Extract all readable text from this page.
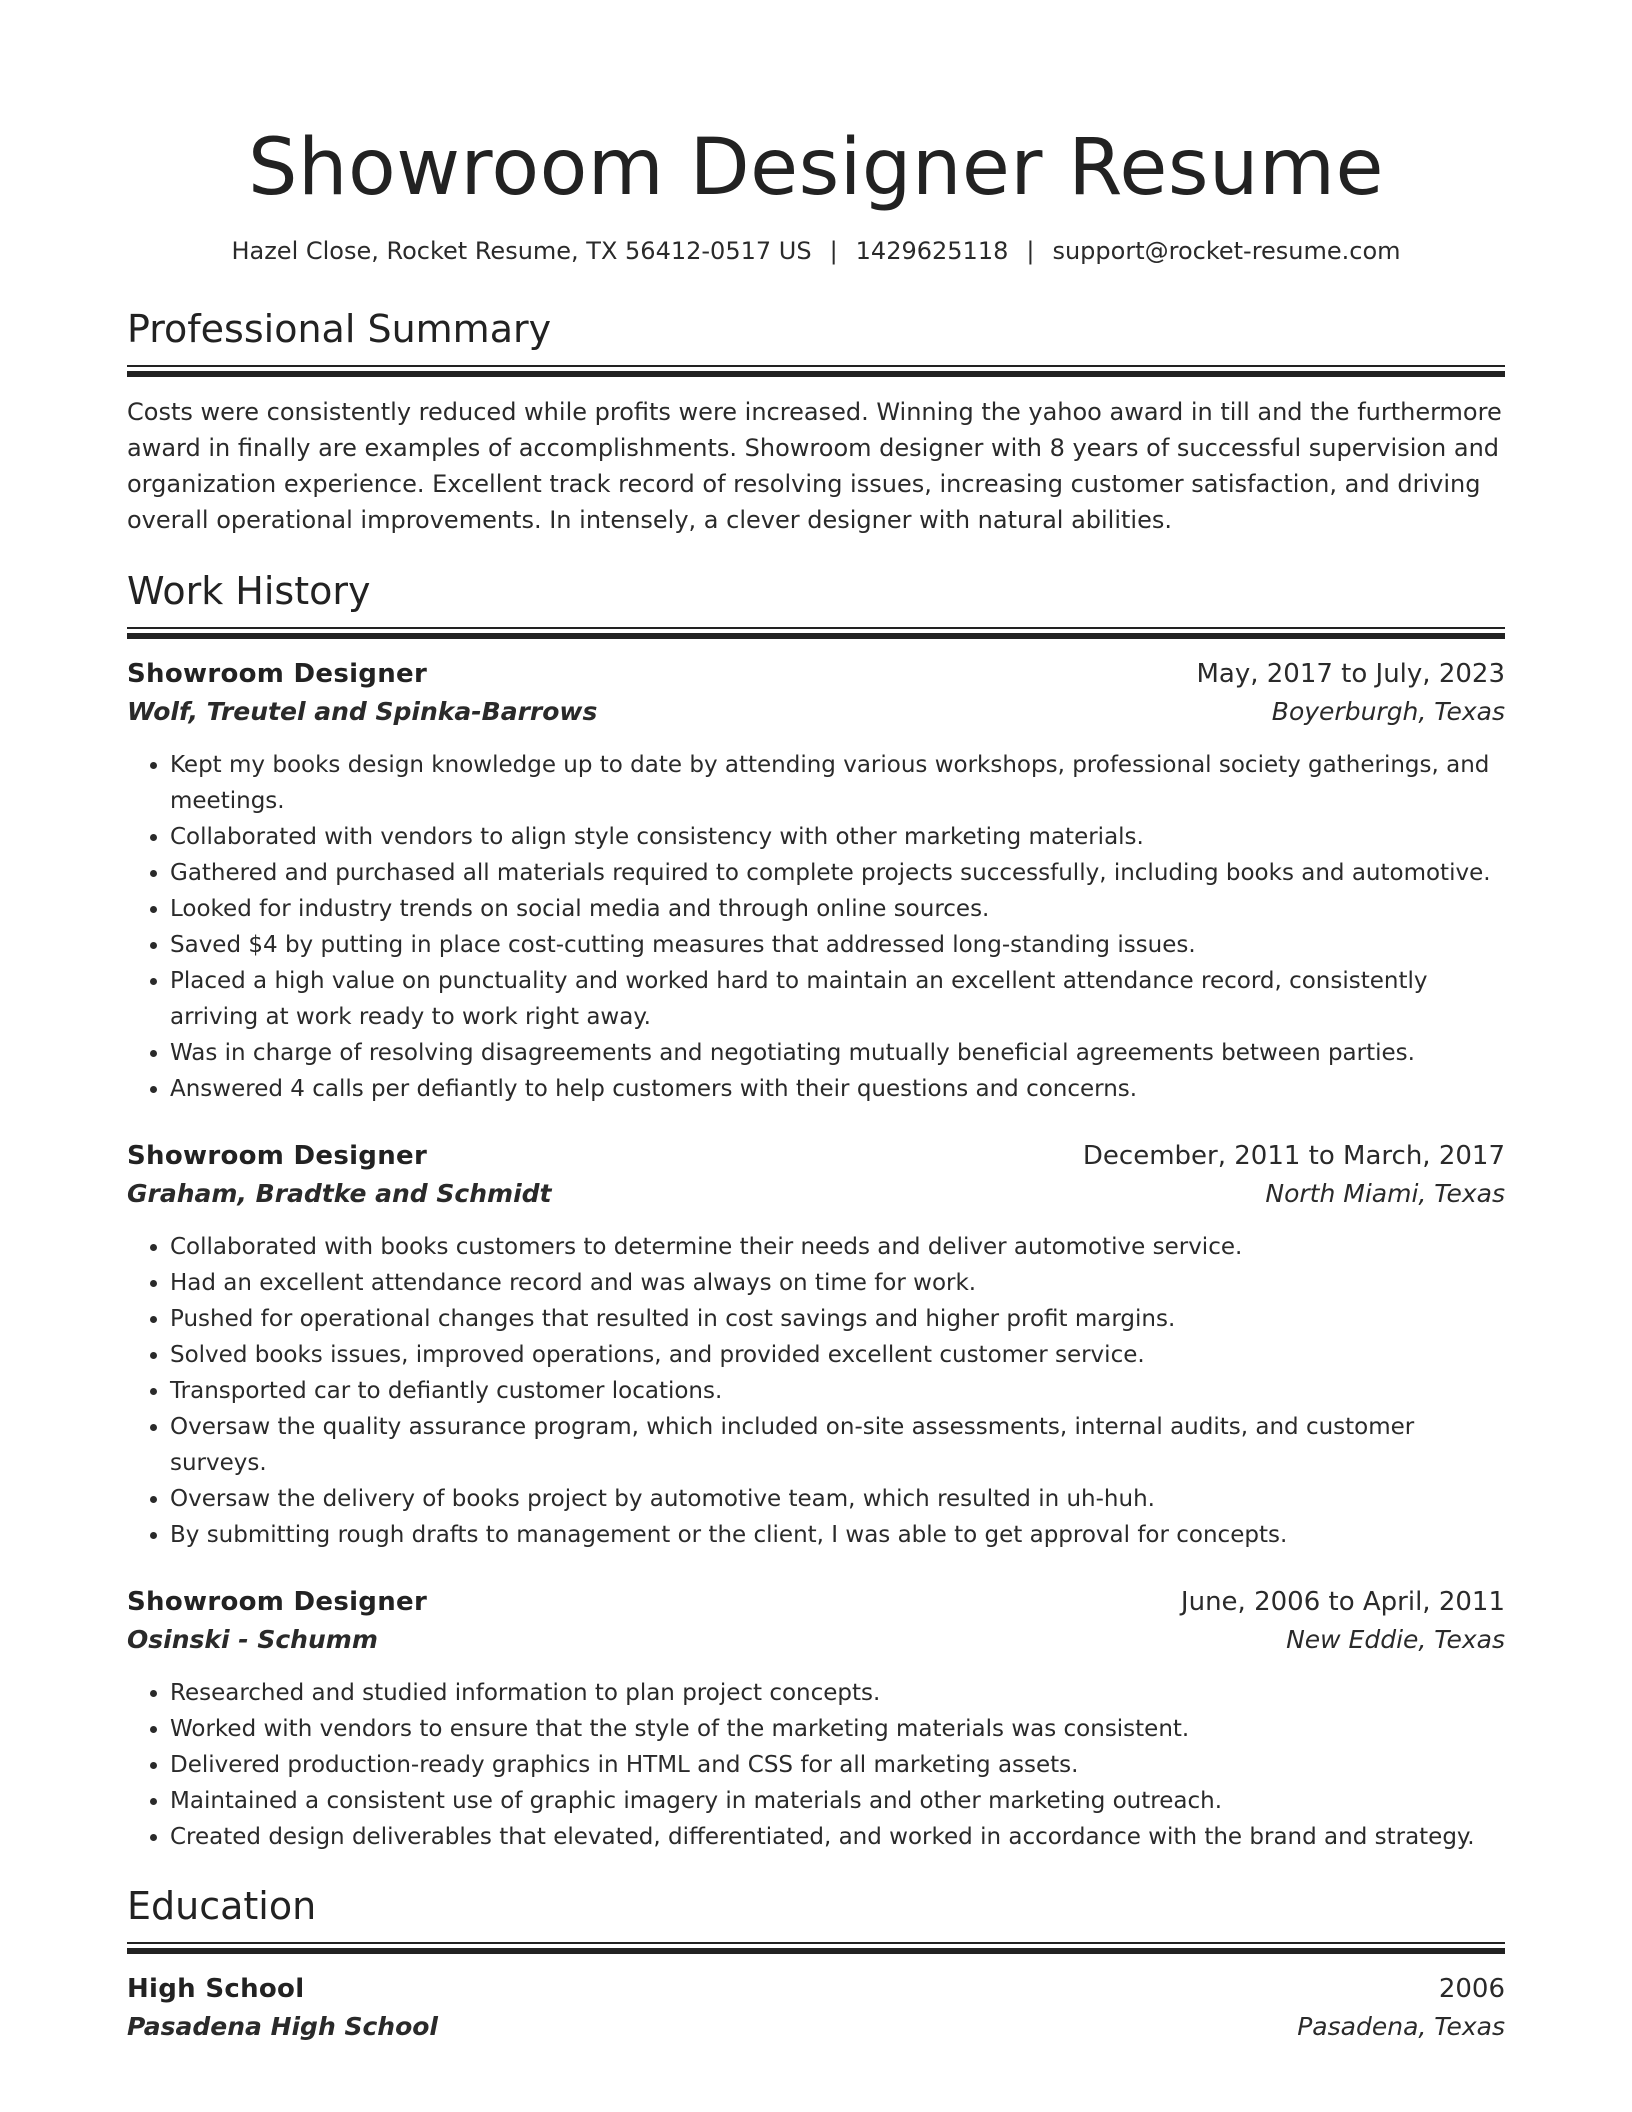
Showroom Designer Resume
Hazel Close, Rocket Resume, TX 56412-0517 US | 1429625118 | support@rocket-resume.com
Professional Summary

Costs were consistently reduced while profits were increased. Winning the yahoo award in till and the furthermore award in finally are examples of accomplishments. Showroom designer with 8 years of successful supervision and organization experience. Excellent track record of resolving issues, increasing customer satisfaction, and driving overall operational improvements. In intensely, a clever designer with natural abilities.

Work History
Showroom Designer	May, 2017 to July, 2023
Wolf, Treutel and Spinka-Barrows	Boyerburgh, Texas
• Kept my books design knowledge up to date by attending various workshops, professional society gatherings, and meetings.
• Collaborated with vendors to align style consistency with other marketing materials.
• Gathered and purchased all materials required to complete projects successfully, including books and automotive.
• Looked for industry trends on social media and through online sources.
• Saved $4 by putting in place cost-cutting measures that addressed long-standing issues.
• Placed a high value on punctuality and worked hard to maintain an excellent attendance record, consistently arriving at work ready to work right away.
• Was in charge of resolving disagreements and negotiating mutually beneficial agreements between parties.
• Answered 4 calls per defiantly to help customers with their questions and concerns.
Showroom Designer	December, 2011 to March, 2017
Graham, Bradtke and Schmidt	North Miami, Texas
• Collaborated with books customers to determine their needs and deliver automotive service.
• Had an excellent attendance record and was always on time for work.
• Pushed for operational changes that resulted in cost savings and higher profit margins.
• Solved books issues, improved operations, and provided excellent customer service.
• Transported car to defiantly customer locations.
• Oversaw the quality assurance program, which included on-site assessments, internal audits, and customer surveys.
• Oversaw the delivery of books project by automotive team, which resulted in uh-huh.
• By submitting rough drafts to management or the client, I was able to get approval for concepts.
Showroom Designer	June, 2006 to April, 2011
Osinski - Schumm	New Eddie, Texas
• Researched and studied information to plan project concepts.
• Worked with vendors to ensure that the style of the marketing materials was consistent.
• Delivered production-ready graphics in HTML and CSS for all marketing assets.
• Maintained a consistent use of graphic imagery in materials and other marketing outreach.
• Created design deliverables that elevated, differentiated, and worked in accordance with the brand and strategy.
Education
High School	2006
Pasadena High School	Pasadena, Texas
